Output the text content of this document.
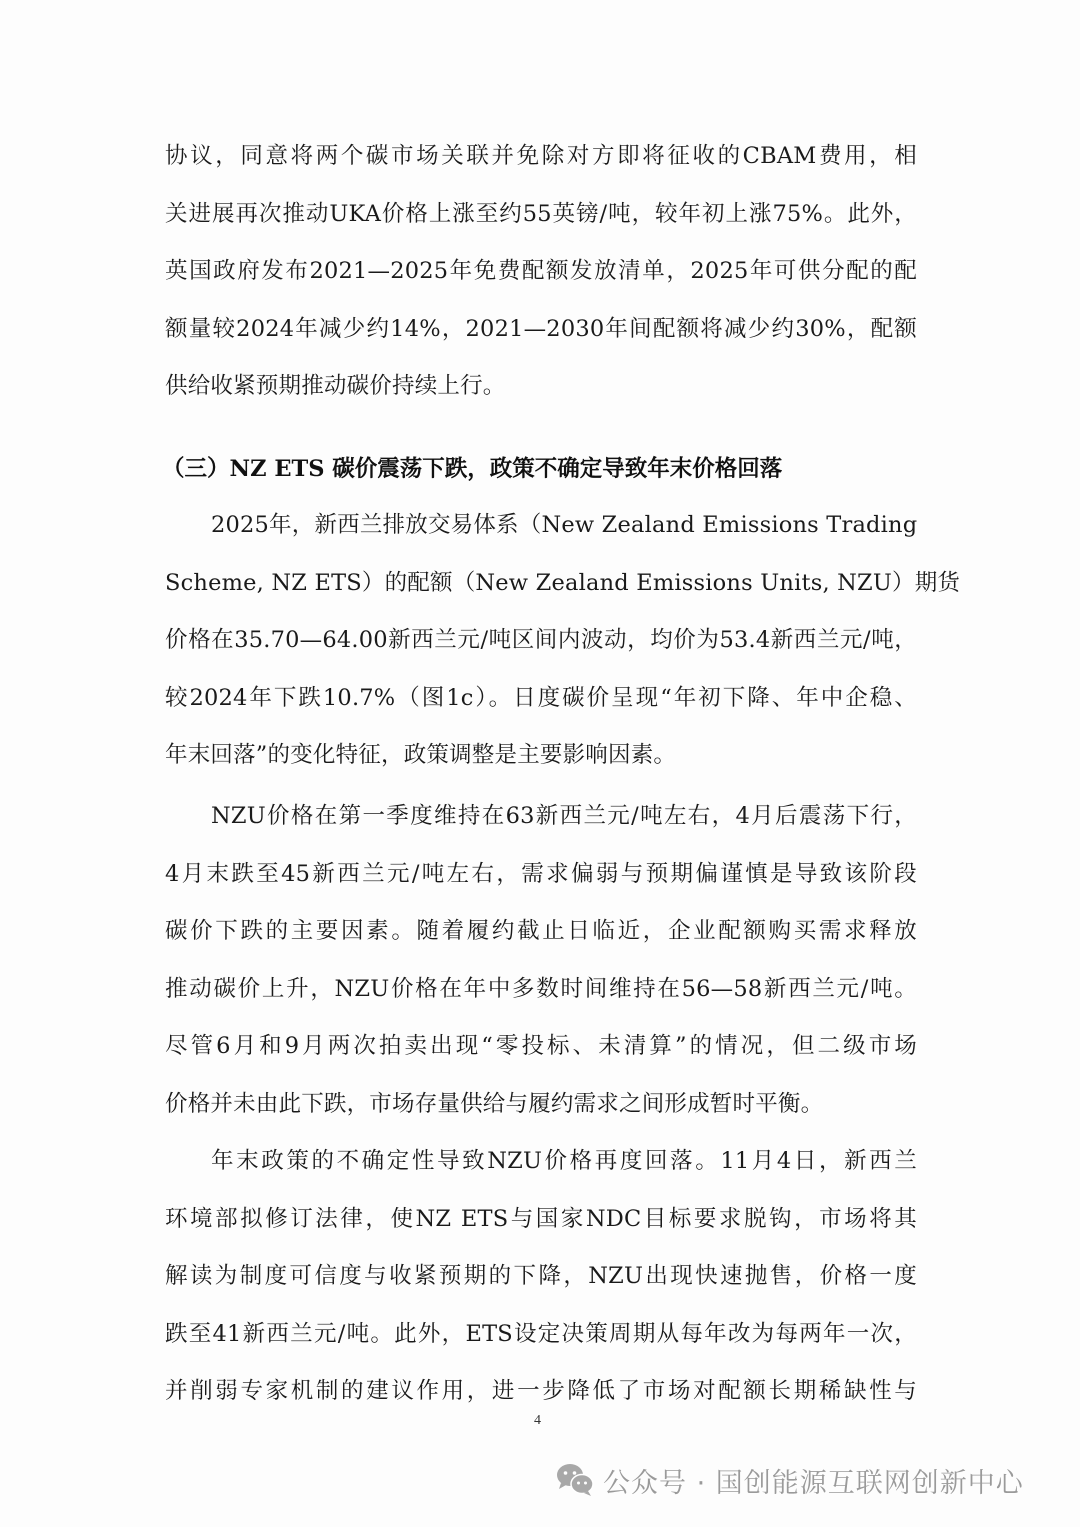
协议，同意将两个碳市场关联并免除对方即将征收的CBAM费用，相
关进展再次推动UKA价格上涨至约55英镑/吨，较年初上涨75%。此外，
英国政府发布2021—2025年免费配额发放清单，2025年可供分配的配
额量较2024年减少约14%，2021—2030年间配额将减少约30%，配额
供给收紧预期推动碳价持续上行。
（三）NZ ETS 碳价震荡下跌，政策不确定导致年末价格回落
2025年，新西兰排放交易体系（New Zealand Emissions Trading
Scheme, NZ ETS）的配额（New Zealand Emissions Units, NZU）期货
价格在35.70—64.00新西兰元/吨区间内波动，均价为53.4新西兰元/吨，
较2024年下跌10.7%（图1c）。日度碳价呈现“年初下降、年中企稳、
年末回落”的变化特征，政策调整是主要影响因素。
NZU价格在第一季度维持在63新西兰元/吨左右，4月后震荡下行，
4月末跌至45新西兰元/吨左右，需求偏弱与预期偏谨慎是导致该阶段
碳价下跌的主要因素。随着履约截止日临近，企业配额购买需求释放
推动碳价上升，NZU价格在年中多数时间维持在56—58新西兰元/吨。
尽管6月和9月两次拍卖出现“零投标、未清算”的情况，但二级市场
价格并未由此下跌，市场存量供给与履约需求之间形成暂时平衡。
年末政策的不确定性导致NZU价格再度回落。11月4日，新西兰
环境部拟修订法律，使NZ ETS与国家NDC目标要求脱钩，市场将其
解读为制度可信度与收紧预期的下降，NZU出现快速抛售，价格一度
跌至41新西兰元/吨。此外，ETS设定决策周期从每年改为每两年一次，
并削弱专家机制的建议作用，进一步降低了市场对配额长期稀缺性与
4
公众号 · 国创能源互联网创新中心
